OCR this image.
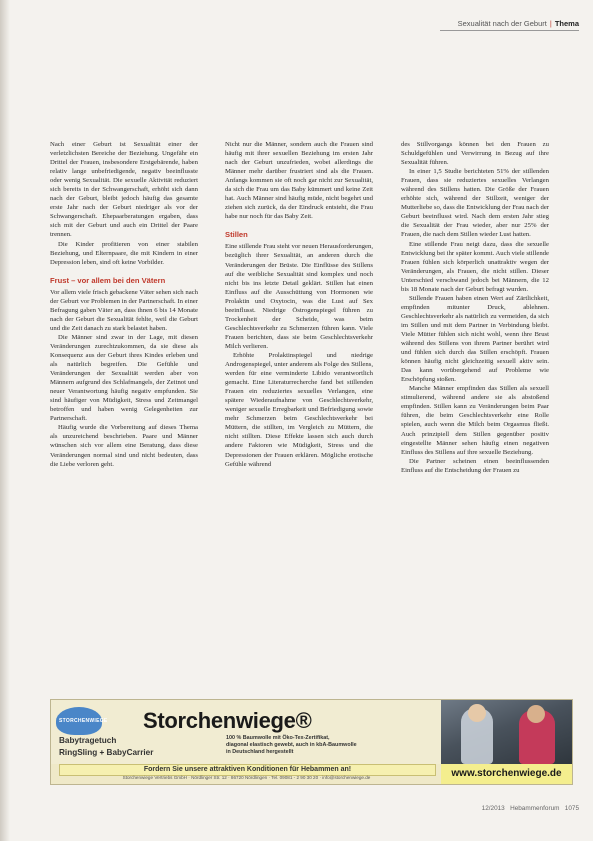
Sexualität nach der Geburt | Thema

Nach einer Geburt ist Sexualität einer der verletzlichsten Bereiche der Beziehung. Ungefähr ein Drittel der Frauen, insbesondere Erstgebärende, haben relativ lange unbefriedigende, negativ beeinflusste oder wenig Sexualität. Die sexuelle Aktivität reduziert sich bereits in der Schwangerschaft, erhöht sich dann nach der Geburt, bleibt jedoch häufig das gesamte erste Jahr nach der Geburt niedriger als vor der Schwangerschaft. Ehepaarberatungen ergaben, dass sich mit der Geburt und auch ein Drittel der Paare trennen.

Die Kinder profitieren von einer stabilen Beziehung, und Elternpaare, die mit Kindern in einer Depression leben, sind oft keine Vorbilder.

Frust – vor allem bei den Vätern

Vor allem viele frisch gebackene Väter sehen sich nach der Geburt vor Problemen in der Partnerschaft. In einer Befragung gaben Väter an, dass ihnen 6 bis 14 Monate nach der Geburt die Sexualität fehlte, weil die Geburt und die Zeit danach zu stark belastet haben.

Die Männer sind zwar in der Lage, mit diesen Veränderungen zurechtzukommen, da sie diese als Konsequenz aus der Geburt ihres Kindes erleben und als natürlich begreifen. Die Gefühle und Veränderungen der Sexualität werden aber von Männern aufgrund des Schlafmangels, der Zeitnot und neuer Verantwortung häufig negativ empfunden. Sie sind häufiger von Müdigkeit, Stress und Zeitmangel betroffen und haben wenig Gelegenheiten zur Partnerschaft.

Häufig wurde die Vorbereitung auf dieses Thema als unzureichend beschrieben. Paare und Männer wünschen sich vor allem eine Beratung, dass diese Veränderungen normal sind und nicht bedeuten, dass die Liebe verloren geht.

Nicht nur die Männer, sondern auch die Frauen sind häufig mit ihrer sexuellen Beziehung im ersten Jahr nach der Geburt unzufrieden, wobei allerdings die Männer mehr darüber frustriert sind als die Frauen. Anfangs kommen sie oft noch gar nicht zur Sexualität, da sich die Frau um das Baby kümmert und keine Zeit hat. Auch Männer sind häufig müde, nicht begehrt und ziehen sich zurück, da der Eindruck entsteht, die Frau habe nur noch für das Baby Zeit.

Stillen

Eine stillende Frau steht vor neuen Herausforderungen, bezüglich ihrer Sexualität, an anderen durch die Veränderungen der Brüste. Die Einflüsse des Stillens auf die weibliche Sexualität sind komplex und noch nicht bis ins letzte Detail geklärt. Stillen hat einen Einfluss auf die Ausschüttung von Hormonen wie Prolaktin und Oxytocin, was die Lust auf Sex beeinflusst. Niedrige Östrogenspiegel führen zu Trockenheit der Scheide, was beim Geschlechtsverkehr zu Schmerzen führen kann. Viele Frauen berichten, dass sie beim Geschlechtsverkehr Milch verlieren.

Erhöhte Prolaktinspiegel und niedrige Androgenspiegel, unter anderem als Folge des Stillens, werden für eine verminderte Libido verantwortlich gemacht. Eine Literaturrecherche fand bei stillenden Frauen ein reduziertes sexuelles Verlangen, eine spätere Wiederaufnahme von Geschlechtsverkehr, weniger sexuelle Erregbarkeit und Befriedigung sowie mehr Schmerzen beim Geschlechtsverkehr bei Müttern, die stillten, im Vergleich zu Müttern, die nicht stillten. Diese Effekte lassen sich auch durch andere Faktoren wie Müdigkeit, Stress und die Depressionen der Frauen erklären. Mögliche erotische Gefühle während

des Stillvorgangs können bei den Frauen zu Schuldgefühlen und Verwirrung in Bezug auf ihre Sexualität führen.

In einer 1,5 Studie berichteten 51% der stillenden Frauen, dass sie reduziertes sexuelles Verlangen während des Stillens hatten. Die Größe der Frauen erhöhte sich, während der Stillzeit, weniger der Mutterliebe so, dass die Entwicklung der Frau nach der Geburt beeinflusst wird. Nach dem ersten Jahr stieg die Sexualität der Frau wieder, aber nur 25% der Frauen, die nach dem Stillen wieder Lust hatten.

Eine stillende Frau neigt dazu, dass die sexuelle Entwicklung bei ihr später kommt. Auch viele stillende Frauen fühlen sich körperlich unattraktiv wegen der Veränderungen, als Frauen, die nicht stillen. Dieser Unterschied verschwand jedoch bei Männern, die 12 bis 18 Monate nach der Geburt befragt wurden.

Stillende Frauen haben einen Wert auf Zärtlichkeit, empfinden mitunter Druck, ablehnen. Geschlechtsverkehr als natürlich zu vermeiden, da sich im Stillen und mit dem Partner in Verbindung bleibt. Viele Mütter fühlen sich nicht wohl, wenn ihre Brust während des Stillens von ihrem Partner berührt wird und fühlen sich durch das Stillen erschöpft. Frauen können häufig nicht gleichzeitig sexuell aktiv sein. Das kann vorübergehend auf Probleme wie Erschöpfung stoßen.

Manche Männer empfinden das Stillen als sexuell stimulierend, während andere sie als abstoßend empfinden. Stillen kann zu Veränderungen beim Paar führen, die beim Geschlechtsverkehr eine Rolle spielen, auch wenn die Milch beim Orgasmus fließt. Auch prinzipiell dem Stillen gegenüber positiv eingestellte Männer sehen häufig einen negativen Einfluss des Stillens auf ihre sexuelle Beziehung.

Die Partner scheinen einen beeinflussenden Einfluss auf die Entscheidung der Frauen zu

STORCHENWIEGE Storchenwiege®
Babytragetuch
RingSling + BabyCarrier
100 % Baumwolle mit Öko-Tex-Zertifikat,
diagonal elastisch gewebt, auch in kbA-Baumwolle
in Deutschland hergestellt
Fordern Sie unsere attraktiven Konditionen für Hebammen an!
Storchenwiege Vertriebs GmbH · Nördlinger Str. 12 · 86720 Nördlingen · Tel. 09081 - 2 90 30 20 · info@storchenwiege.de	www.storchenwiege.de
12/2013 Hebammenforum 1075
